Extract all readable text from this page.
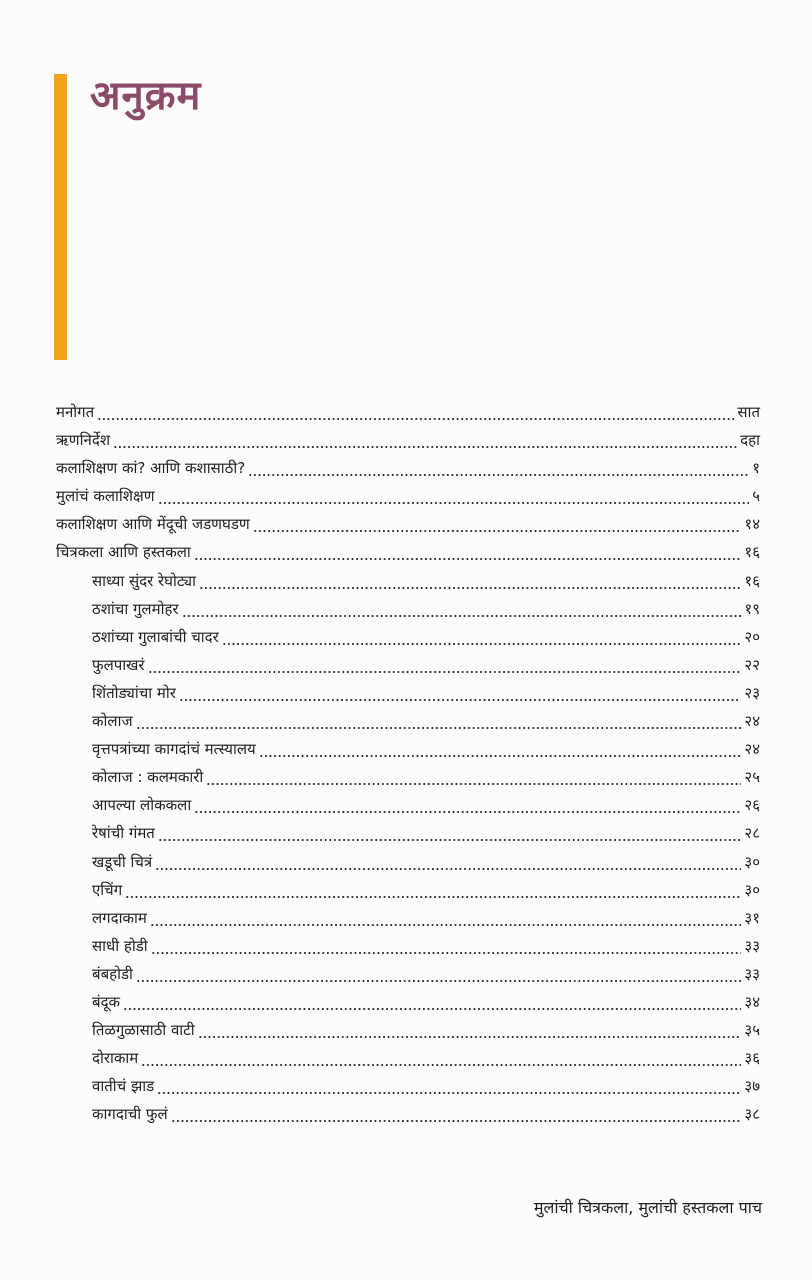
अनुक्रम
मनोगत	सात
ऋणनिर्देश	दहा
कलाशिक्षण कां? आणि कशासाठी?	१
मुलांचं कलाशिक्षण	५
कलाशिक्षण आणि मेंदूची जडणघडण	१४
चित्रकला आणि हस्तकला	१६
साध्या सुंदर रेघोट्या	१६
ठशांचा गुलमोहर	१९
ठशांच्या गुलाबांची चादर	२०
फुलपाखरं	२२
शिंतोड्यांचा मोर	२३
कोलाज	२४
वृत्तपत्रांच्या कागदांचं मत्स्यालय	२४
कोलाज : कलमकारी	२५
आपल्या लोककला	२६
रेषांची गंमत	२८
खडूची चित्रं	३०
एचिंग	३०
लगदाकाम	३१
साधी होडी	३३
बंबहोडी	३३
बंदूक	३४
तिळगुळासाठी वाटी	३५
दोराकाम	३६
वातीचं झाड	३७
कागदाची फुलं	३८
मुलांची चित्रकला, मुलांची हस्तकला पाच
